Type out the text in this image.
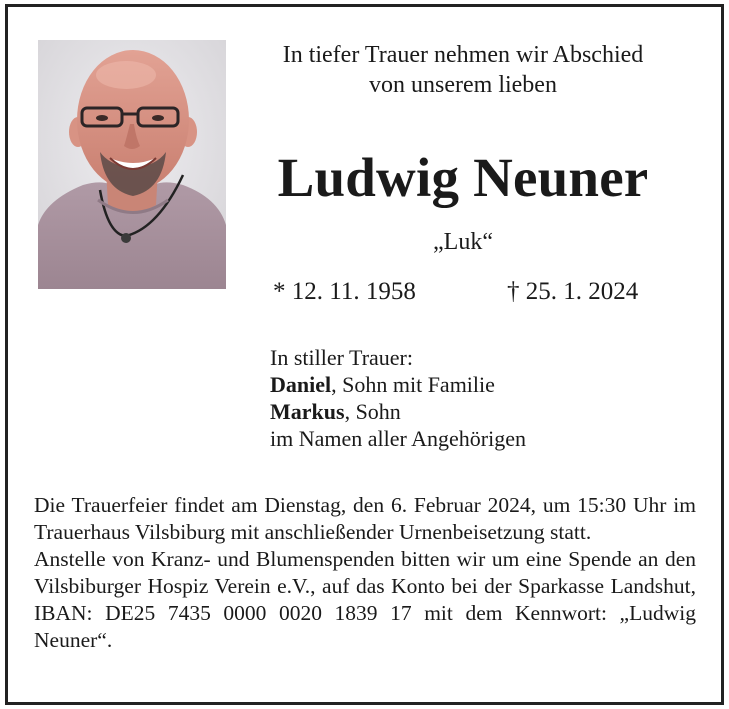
In tiefer Trauer nehmen wir Abschied
von unserem lieben
Ludwig Neuner
„Luk“
* 12. 11. 1958	† 25. 1. 2024
In stiller Trauer:
Daniel, Sohn mit Familie
Markus, Sohn
im Namen aller Angehörigen
Die Trauerfeier findet am Dienstag, den 6. Februar 2024, um 15:30 Uhr im Trauerhaus Vilsbiburg mit anschließender Urnenbeisetzung statt.
Anstelle von Kranz- und Blumenspenden bitten wir um eine Spende an den Vilsbiburger Hospiz Verein e.V., auf das Konto bei der Sparkasse Landshut, IBAN: DE25 7435 0000 0020 1839 17 mit dem Kennwort: „Ludwig Neuner“.
